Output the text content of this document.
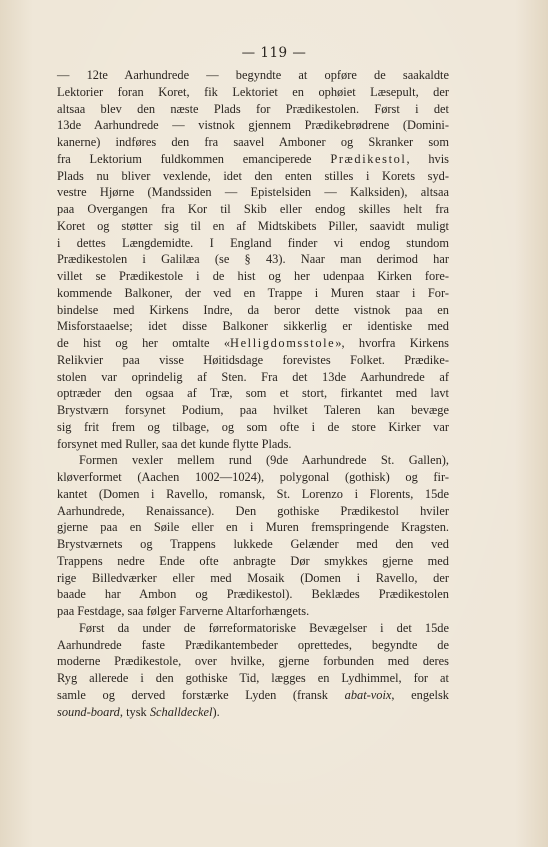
— 119 —
— 12te Aarhundrede — begyndte at opføre de saakaldte
Lektorier foran Koret, fik Lektoriet en ophøiet Læsepult, der
altsaa blev den næste Plads for Prædikestolen. Først i det
13de Aarhundrede — vistnok gjennem Prædikebrødrene (Domini-
kanerne) indføres den fra saavel Amboner og Skranker som
fra Lektorium fuldkommen emanciperede Prædikestol, hvis
Plads nu bliver vexlende, idet den enten stilles i Korets syd-
vestre Hjørne (Mandssiden — Epistelsiden — Kalksiden), altsaa
paa Overgangen fra Kor til Skib eller endog skilles helt fra
Koret og støtter sig til en af Midtskibets Piller, saavidt muligt
i dettes Længdemidte. I England finder vi endog stundom
Prædikestolen i Galilæa (se § 43). Naar man derimod har
villet se Prædikestole i de hist og her udenpaa Kirken fore-
kommende Balkoner, der ved en Trappe i Muren staar i For-
bindelse med Kirkens Indre, da beror dette vistnok paa en
Misforstaaelse; idet disse Balkoner sikkerlig er identiske med
de hist og her omtalte «Helligdomsstole», hvorfra Kirkens
Relikvier paa visse Høitidsdage forevistes Folket. Prædike-
stolen var oprindelig af Sten. Fra det 13de Aarhundrede af
optræder den ogsaa af Træ, som et stort, firkantet med lavt
Brystværn forsynet Podium, paa hvilket Taleren kan bevæge
sig frit frem og tilbage, og som ofte i de store Kirker var
forsynet med Ruller, saa det kunde flytte Plads.
Formen vexler mellem rund (9de Aarhundrede St. Gallen),
kløverformet (Aachen 1002—1024), polygonal (gothisk) og fir-
kantet (Domen i Ravello, romansk, St. Lorenzo i Florents, 15de
Aarhundrede, Renaissance). Den gothiske Prædikestol hviler
gjerne paa en Søile eller en i Muren fremspringende Kragsten.
Brystværnets og Trappens lukkede Gelænder med den ved
Trappens nedre Ende ofte anbragte Dør smykkes gjerne med
rige Billedværker eller med Mosaik (Domen i Ravello, der
baade har Ambon og Prædikestol). Beklædes Prædikestolen
paa Festdage, saa følger Farverne Altarforhængets.
Først da under de førreformatoriske Bevægelser i det 15de
Aarhundrede faste Prædikantembeder oprettedes, begyndte de
moderne Prædikestole, over hvilke, gjerne forbunden med deres
Ryg allerede i den gothiske Tid, lægges en Lydhimmel, for at
samle og derved forstærke Lyden (fransk abat-voix, engelsk
sound-board, tysk Schalldeckel).
